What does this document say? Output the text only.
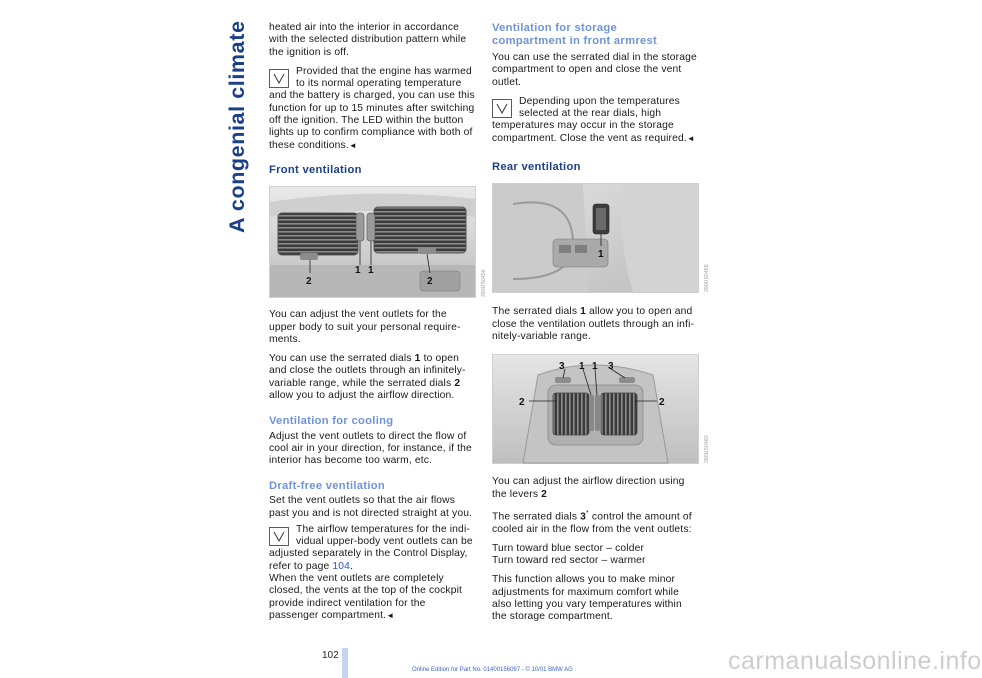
A congenial climate heated air into the interior in accordance with the selected distribution pattern while the ignition is off.

Provided that the engine has warmed to its normal operating temperature and the battery is charged, you can use this function for up to 15 minutes after switching off the ignition. The LED within the button lights up to confirm compliance with both of these conditions.◄

Front ventilation
2
1 1
2	390US0456

You can adjust the vent outlets for the upper body to suit your personal require-ments.

You can use the serrated dials 1 to open and close the outlets through an infinitely-variable range, while the serrated dials 2 allow you to adjust the airflow direction.

Ventilation for cooling

Adjust the vent outlets to direct the flow of cool air in your direction, for instance, if the interior has become too warm, etc.

Draft-free ventilation

Set the vent outlets so that the air flows past you and is not directed straight at you.

The airflow temperatures for the indi-vidual upper-body vent outlets can be adjusted separately in the Control Display, refer to page 104.
When the vent outlets are completely closed, the vents at the top of the cockpit provide indirect ventilation for the passenger compartment.◄

Ventilation for storage compartment in front armrest

You can use the serrated dial in the storage compartment to open and close the vent outlet.

Depending upon the temperatures selected at the rear dials, high temperatures may occur in the storage compartment. Close the vent as required.◄

Rear ventilation
1
390US0455

The serrated dials 1 allow you to open and close the ventilation outlets through an infi-nitely-variable range.

3 1 1 3
2	2
390US0460

You can adjust the airflow direction using the levers 2

The serrated dials 3* control the amount of cooled air in the flow from the vent outlets:

Turn toward blue sector – colder
Turn toward red sector – warmer

This function allows you to make minor adjustments for maximum comfort while also letting you vary temperatures within the storage compartment.

102
Online Edition for Part No. 01400156097 - © 10/01 BMW AG	carmanualsonline.info
